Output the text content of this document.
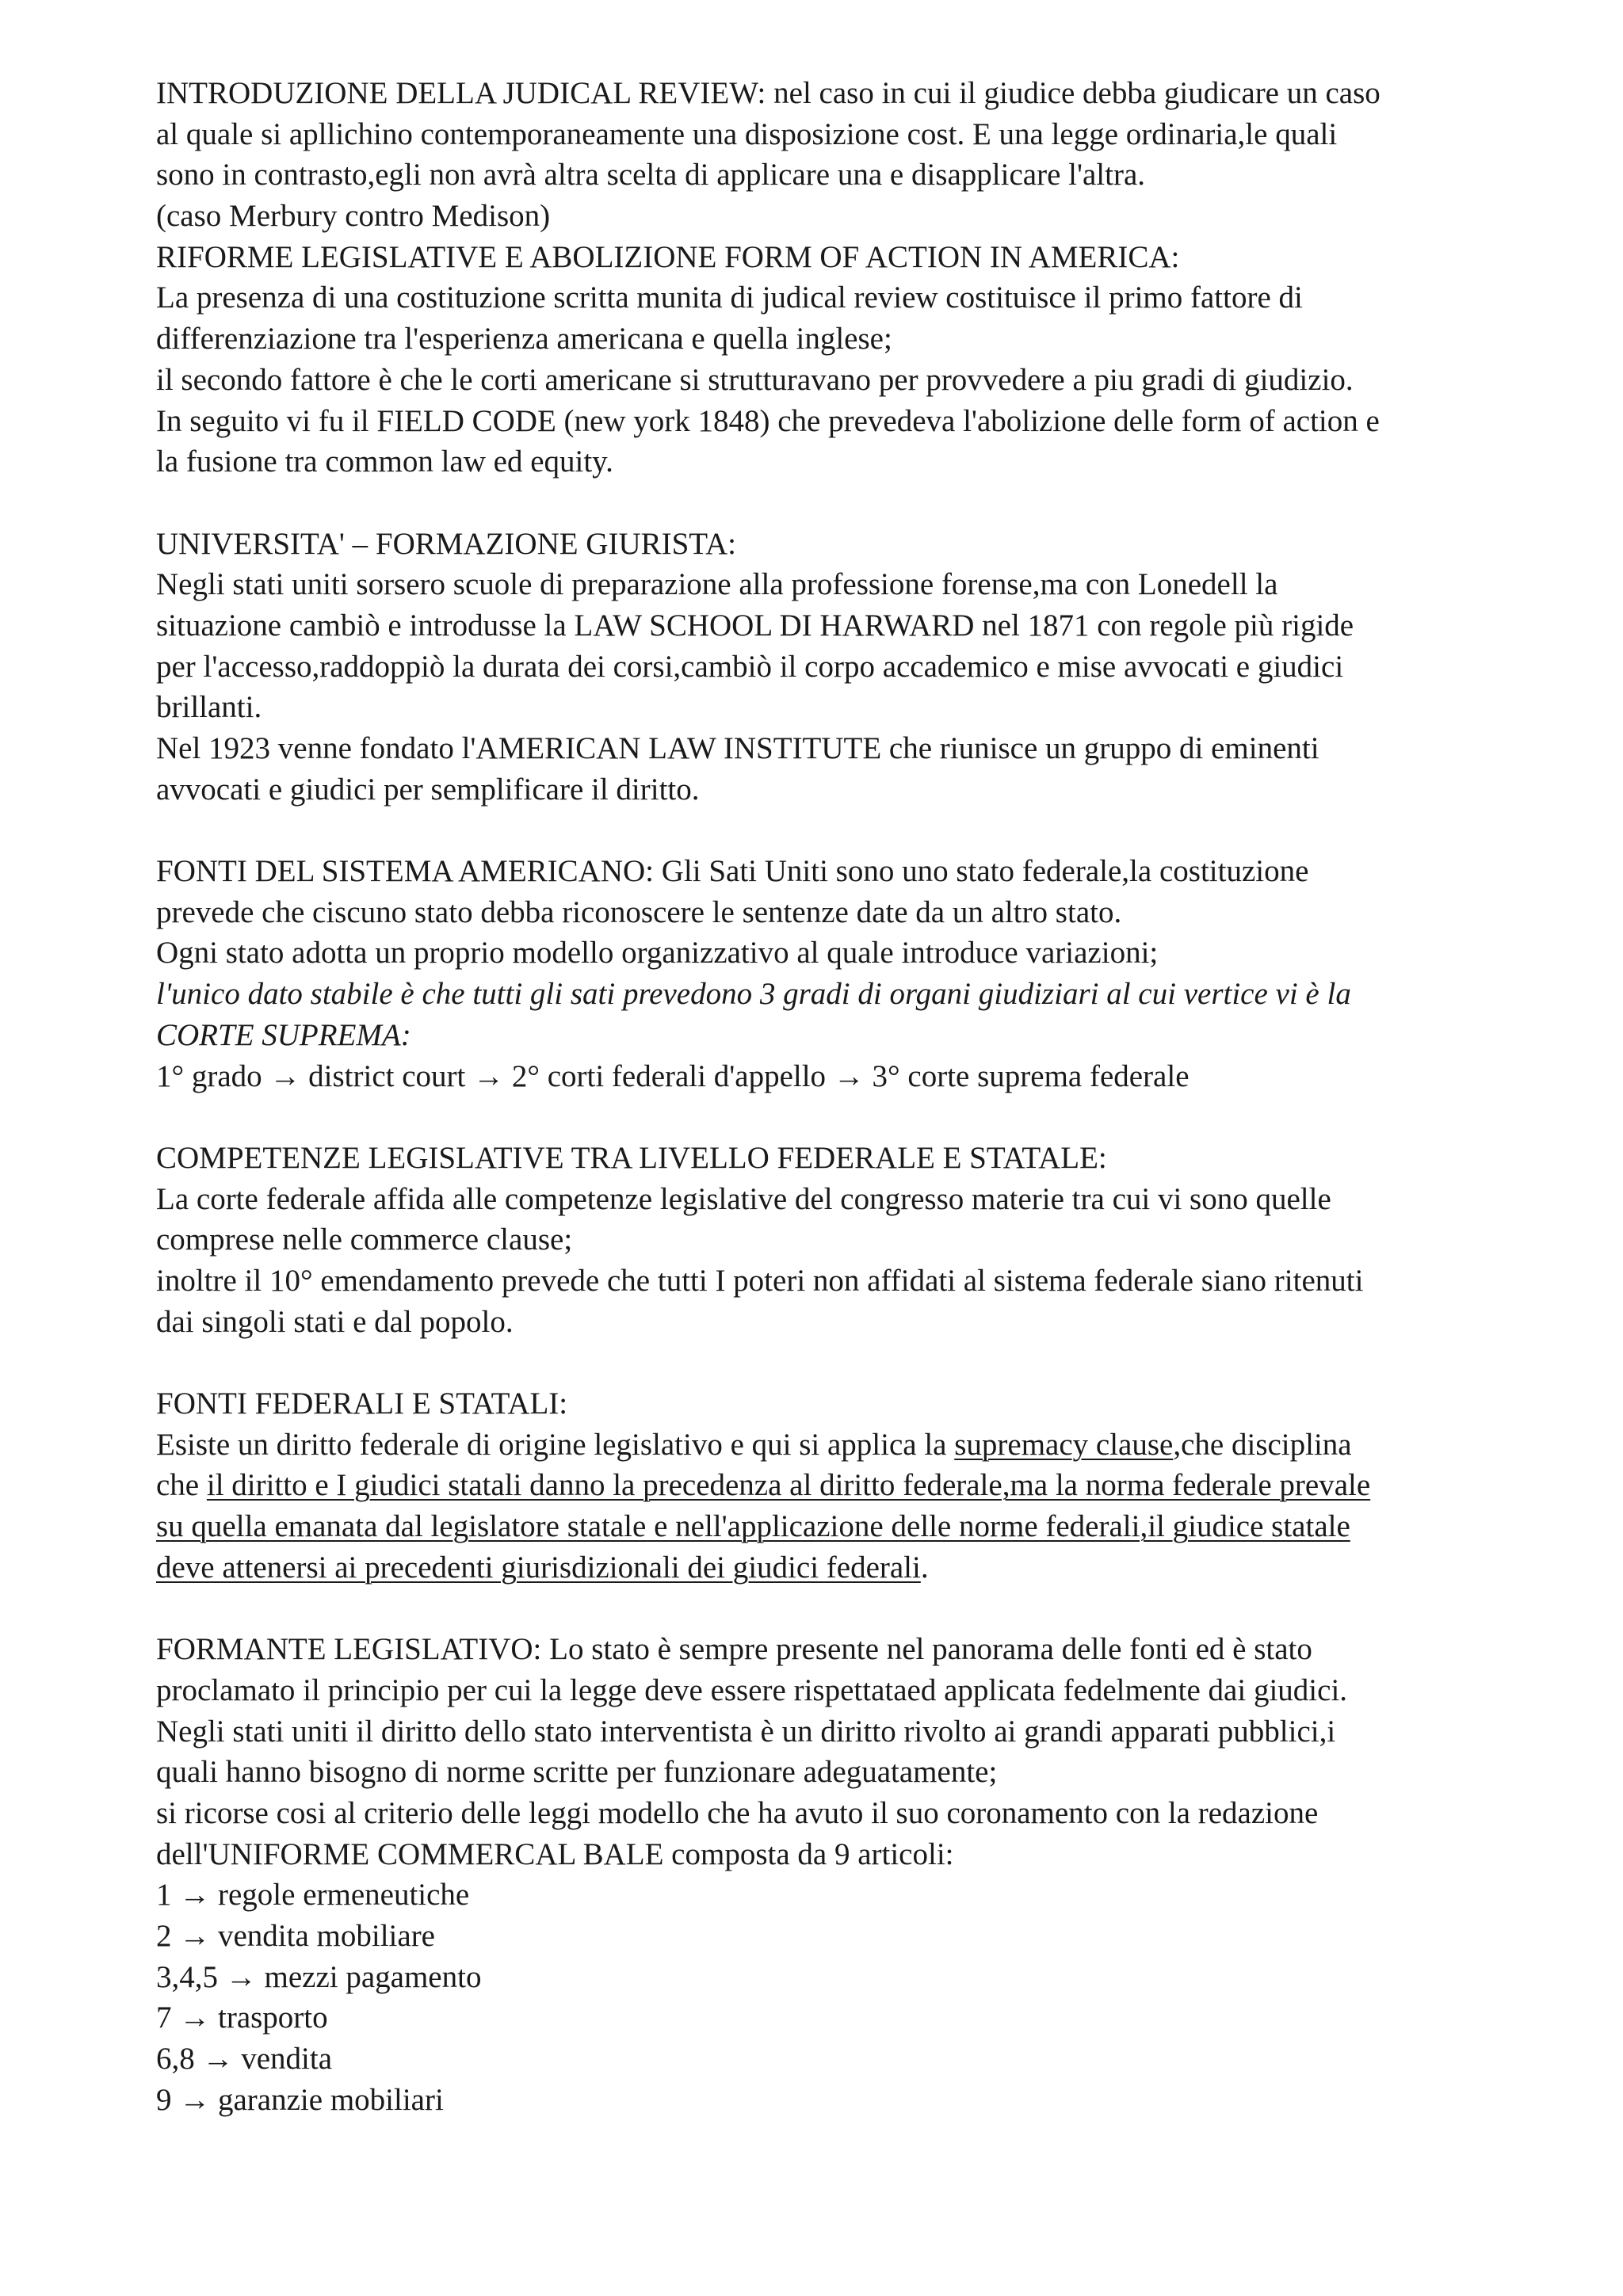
INTRODUZIONE DELLA JUDICAL REVIEW: nel caso in cui il giudice debba giudicare un caso
al quale si apllichino contemporaneamente una disposizione cost. E una legge ordinaria,le quali
sono in contrasto,egli non avrà altra scelta di applicare una e disapplicare l'altra.
(caso Merbury contro Medison)
RIFORME LEGISLATIVE E ABOLIZIONE FORM OF ACTION IN AMERICA:
La presenza di una costituzione scritta munita di judical review costituisce il primo fattore di
differenziazione tra l'esperienza americana e quella inglese;
il secondo fattore è che le corti americane si strutturavano per provvedere a piu gradi di giudizio.
In seguito vi fu il FIELD CODE (new york 1848) che prevedeva l'abolizione delle form of action e
la fusione tra common law ed equity.
UNIVERSITA' – FORMAZIONE GIURISTA:
Negli stati uniti sorsero scuole di preparazione alla professione forense,ma con Lonedell la
situazione cambiò e introdusse la LAW SCHOOL DI HARWARD nel 1871 con regole più rigide
per l'accesso,raddoppiò la durata dei corsi,cambiò il corpo accademico e mise avvocati e giudici
brillanti.
Nel 1923 venne fondato l'AMERICAN LAW INSTITUTE che riunisce un gruppo di eminenti
avvocati e giudici per semplificare il diritto.
FONTI DEL SISTEMA AMERICANO: Gli Sati Uniti sono uno stato federale,la costituzione
prevede che ciscuno stato debba riconoscere le sentenze date da un altro stato.
Ogni stato adotta un proprio modello organizzativo al quale introduce variazioni;
l'unico dato stabile è che tutti gli sati prevedono 3 gradi di organi giudiziari al cui vertice vi è la
CORTE SUPREMA:
1° grado → district court → 2° corti federali d'appello → 3° corte suprema federale
COMPETENZE LEGISLATIVE TRA LIVELLO FEDERALE E STATALE:
La corte federale affida alle competenze legislative del congresso materie tra cui vi sono quelle
comprese nelle commerce clause;
inoltre il 10° emendamento prevede che tutti I poteri non affidati al sistema federale siano ritenuti
dai singoli stati e dal popolo.
FONTI FEDERALI E STATALI:
Esiste un diritto federale di origine legislativo e qui si applica la supremacy clause,che disciplina
che il diritto e I giudici statali danno la precedenza al diritto federale,ma la norma federale prevale
su quella emanata dal legislatore statale e nell'applicazione delle norme federali,il giudice statale
deve attenersi ai precedenti giurisdizionali dei giudici federali.
FORMANTE LEGISLATIVO: Lo stato è sempre presente nel panorama delle fonti ed è stato
proclamato il principio per cui la legge deve essere rispettataed applicata fedelmente dai giudici.
Negli stati uniti il diritto dello stato interventista è un diritto rivolto ai grandi apparati pubblici,i
quali hanno bisogno di norme scritte per funzionare adeguatamente;
si ricorse cosi al criterio delle leggi modello che ha avuto il suo coronamento con la redazione
dell'UNIFORME COMMERCAL BALE composta da 9 articoli:
1 → regole ermeneutiche
2 → vendita mobiliare
3,4,5 → mezzi pagamento
7 → trasporto
6,8 → vendita
9 → garanzie mobiliari
